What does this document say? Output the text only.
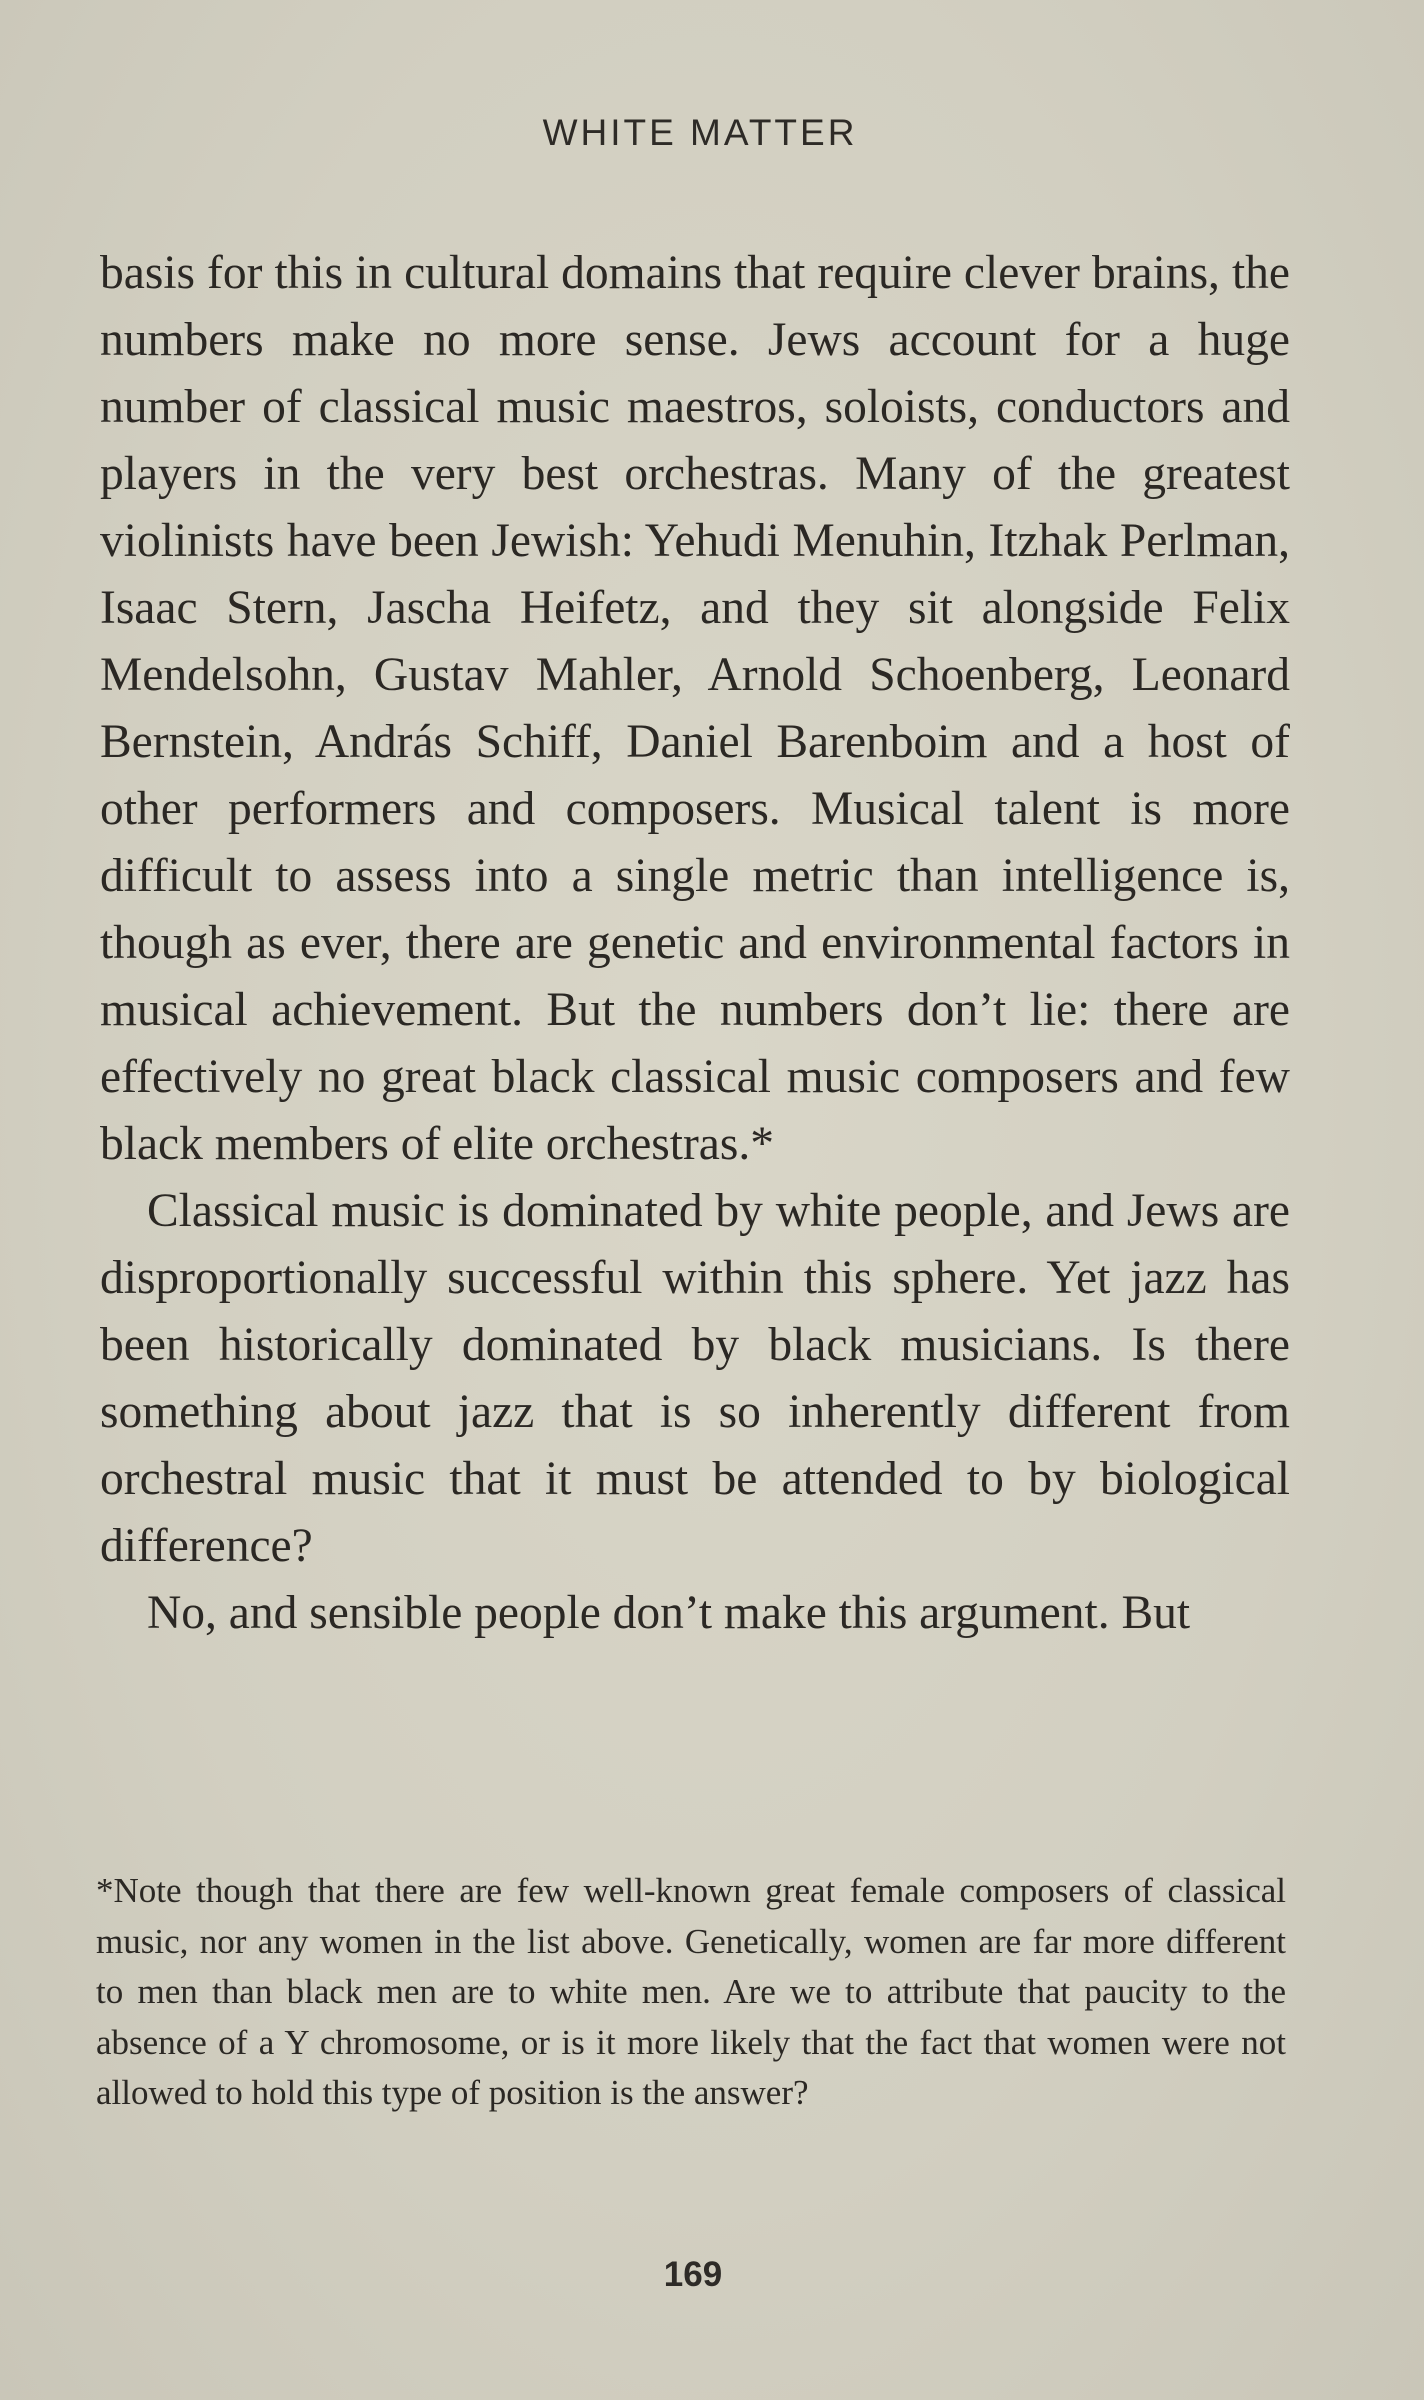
WHITE MATTER

basis for this in cultural domains that require clever brains, the numbers make no more sense. Jews account for a huge number of classical music maestros, soloists, conductors and players in the very best orchestras. Many of the greatest violinists have been Jewish: Yehudi Menuhin, Itzhak Perlman, Isaac Stern, Jascha Heifetz, and they sit alongside Felix Mendelsohn, Gustav Mahler, Arnold Schoenberg, Leonard Bernstein, András Schiff, Daniel Barenboim and a host of other performers and composers. Musical talent is more difficult to assess into a single metric than intelligence is, though as ever, there are genetic and environmental factors in musical achievement. But the numbers don’t lie: there are effectively no great black classical music composers and few black members of elite orchestras.*

Classical music is dominated by white people, and Jews are disproportionally successful within this sphere. Yet jazz has been historically dominated by black musicians. Is there something about jazz that is so inherently different from orchestral music that it must be attended to by biological difference?

No, and sensible people don’t make this argument. But

*Note though that there are few well-known great female composers of classical music, nor any women in the list above. Genetically, women are far more different to men than black men are to white men. Are we to attribute that paucity to the absence of a Y chromosome, or is it more likely that the fact that women were not allowed to hold this type of position is the answer?

169
